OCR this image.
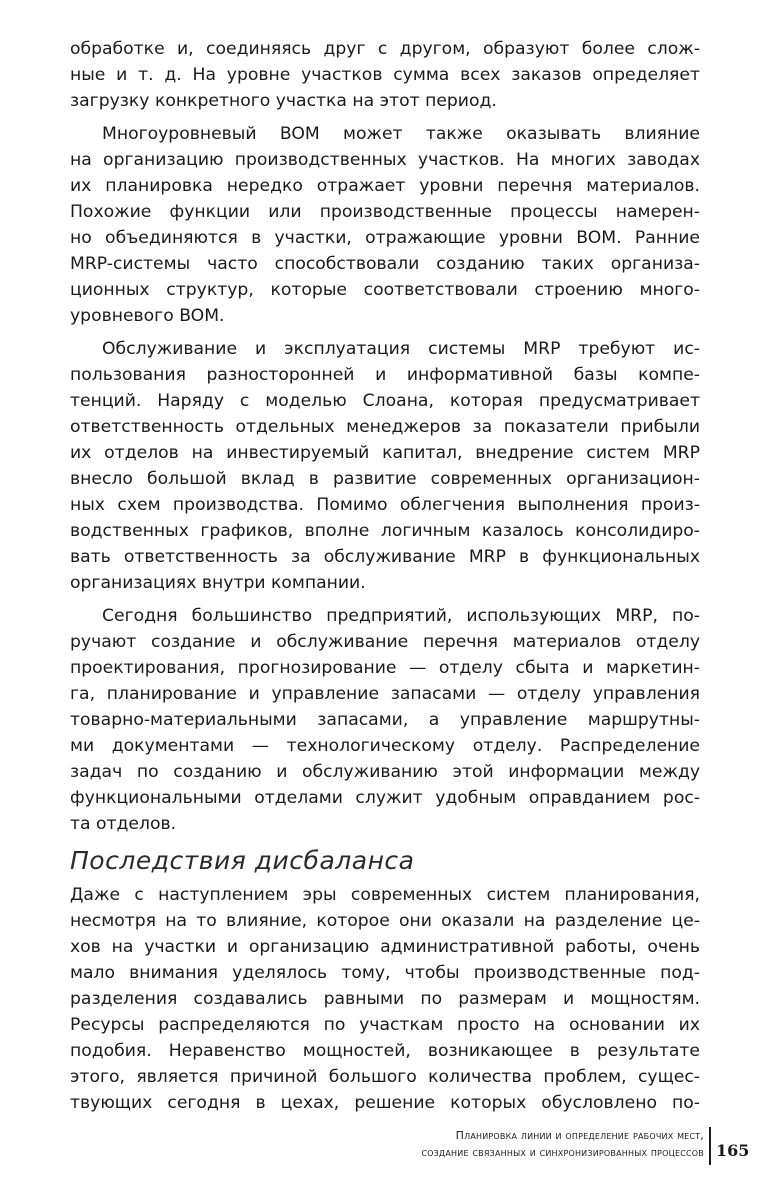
обработке и, соединяясь друг с другом, образуют более слож-
ные и т. д. На уровне участков сумма всех заказов определяет
загрузку конкретного участка на этот период.
Многоуровневый BOM может также оказывать влияние
на организацию производственных участков. На многих заводах
их планировка нередко отражает уровни перечня материалов.
Похожие функции или производственные процессы намерен-
но объединяются в участки, отражающие уровни BOM. Ранние
MRP-системы часто способствовали созданию таких организа-
ционных структур, которые соответствовали строению много-
уровневого BOM.
Обслуживание и эксплуатация системы MRP требуют ис-
пользования разносторонней и информативной базы компе-
тенций. Наряду с моделью Слоана, которая предусматривает
ответственность отдельных менеджеров за показатели прибыли
их отделов на инвестируемый капитал, внедрение систем MRP
внесло большой вклад в развитие современных организацион-
ных схем производства. Помимо облегчения выполнения произ-
водственных графиков, вполне логичным казалось консолидиро-
вать ответственность за обслуживание MRP в функциональных
организациях внутри компании.
Сегодня большинство предприятий, использующих MRP, по-
ручают создание и обслуживание перечня материалов отделу
проектирования, прогнозирование — отделу сбыта и маркетин-
га, планирование и управление запасами — отделу управления
товарно-материальными запасами, а управление маршрутны-
ми документами — технологическому отделу. Распределение
задач по созданию и обслуживанию этой информации между
функциональными отделами служит удобным оправданием рос-
та отделов.
Последствия дисбаланса
Даже с наступлением эры современных систем планирования,
несмотря на то влияние, которое они оказали на разделение це-
хов на участки и организацию административной работы, очень
мало внимания уделялось тому, чтобы производственные под-
разделения создавались равными по размерам и мощностям.
Ресурсы распределяются по участкам просто на основании их
подобия. Неравенство мощностей, возникающее в результате
этого, является причиной большого количества проблем, сущес-
твующих сегодня в цехах, решение которых обусловлено по-
Планировка линии и определение рабочих мест,
создание связанных и синхронизированных процессов 165
